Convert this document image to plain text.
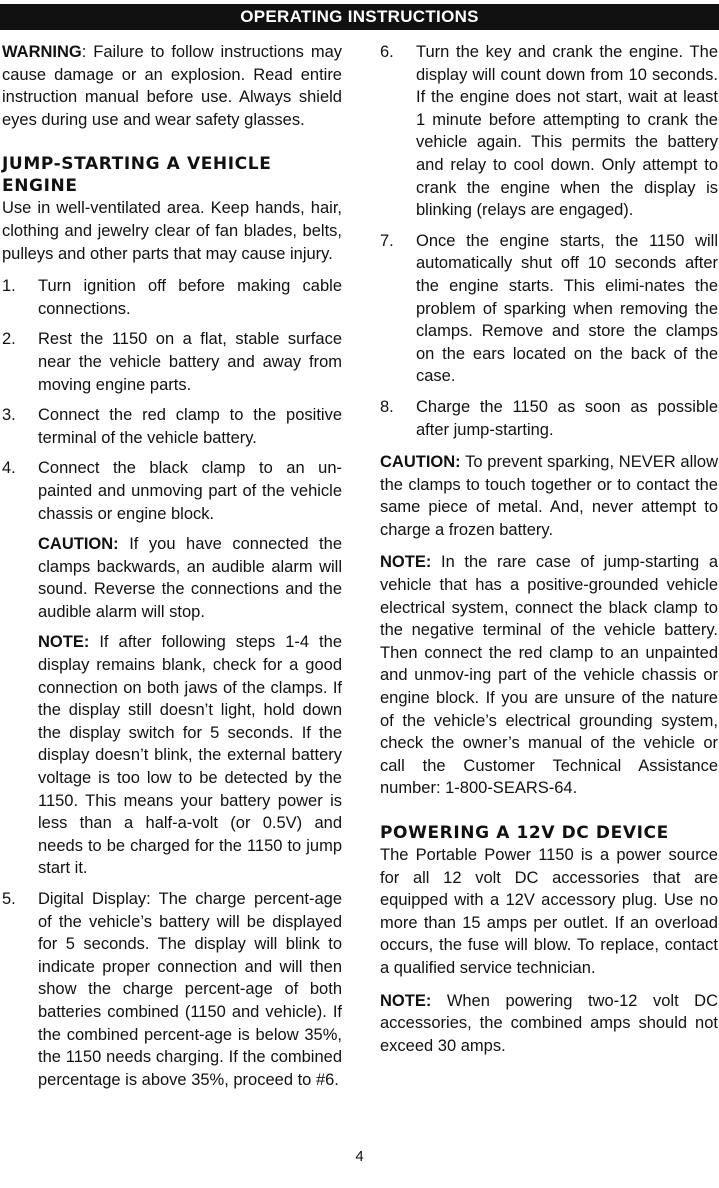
OPERATING INSTRUCTIONS

WARNING: Failure to follow instructions may cause damage or an explosion. Read entire instruction manual before use. Always shield eyes during use and wear safety glasses.

JUMP-STARTING A VEHICLE ENGINE

Use in well-ventilated area. Keep hands, hair, clothing and jewelry clear of fan blades, belts, pulleys and other parts that may cause injury.

1. Turn ignition off before making cable connections.
2. Rest the 1150 on a flat, stable surface near the vehicle battery and away from moving engine parts.
3. Connect the red clamp to the positive terminal of the vehicle battery.
4. Connect the black clamp to an un-painted and unmoving part of the vehicle chassis or engine block.

CAUTION: If you have connected the clamps backwards, an audible alarm will sound. Reverse the connections and the audible alarm will stop.

NOTE: If after following steps 1-4 the display remains blank, check for a good connection on both jaws of the clamps. If the display still doesn’t light, hold down the display switch for 5 seconds. If the display doesn’t blink, the external battery voltage is too low to be detected by the 1150. This means your battery power is less than a half-a-volt (or 0.5V) and needs to be charged for the 1150 to jump start it.

5. Digital Display: The charge percent-age of the vehicle’s battery will be displayed for 5 seconds. The display will blink to indicate proper connection and will then show the charge percent-age of both batteries combined (1150 and vehicle). If the combined percent-age is below 35%, the 1150 needs charging. If the combined percentage is above 35%, proceed to #6.
6. Turn the key and crank the engine. The display will count down from 10 seconds. If the engine does not start, wait at least 1 minute before attempting to crank the vehicle again. This permits the battery and relay to cool down. Only attempt to crank the engine when the display is blinking (relays are engaged).
7. Once the engine starts, the 1150 will automatically shut off 10 seconds after the engine starts. This elimi-nates the problem of sparking when removing the clamps. Remove and store the clamps on the ears located on the back of the case.
8. Charge the 1150 as soon as possible after jump-starting.

CAUTION: To prevent sparking, NEVER allow the clamps to touch together or to contact the same piece of metal. And, never attempt to charge a frozen battery.

NOTE: In the rare case of jump-starting a vehicle that has a positive-grounded vehicle electrical system, connect the black clamp to the negative terminal of the vehicle battery. Then connect the red clamp to an unpainted and unmov-ing part of the vehicle chassis or engine block. If you are unsure of the nature of the vehicle’s electrical grounding system, check the owner’s manual of the vehicle or call the Customer Technical Assistance number: 1-800-SEARS-64.

POWERING A 12V DC DEVICE

The Portable Power 1150 is a power source for all 12 volt DC accessories that are equipped with a 12V accessory plug. Use no more than 15 amps per outlet. If an overload occurs, the fuse will blow. To replace, contact a qualified service technician.

NOTE: When powering two-12 volt DC accessories, the combined amps should not exceed 30 amps.

4
